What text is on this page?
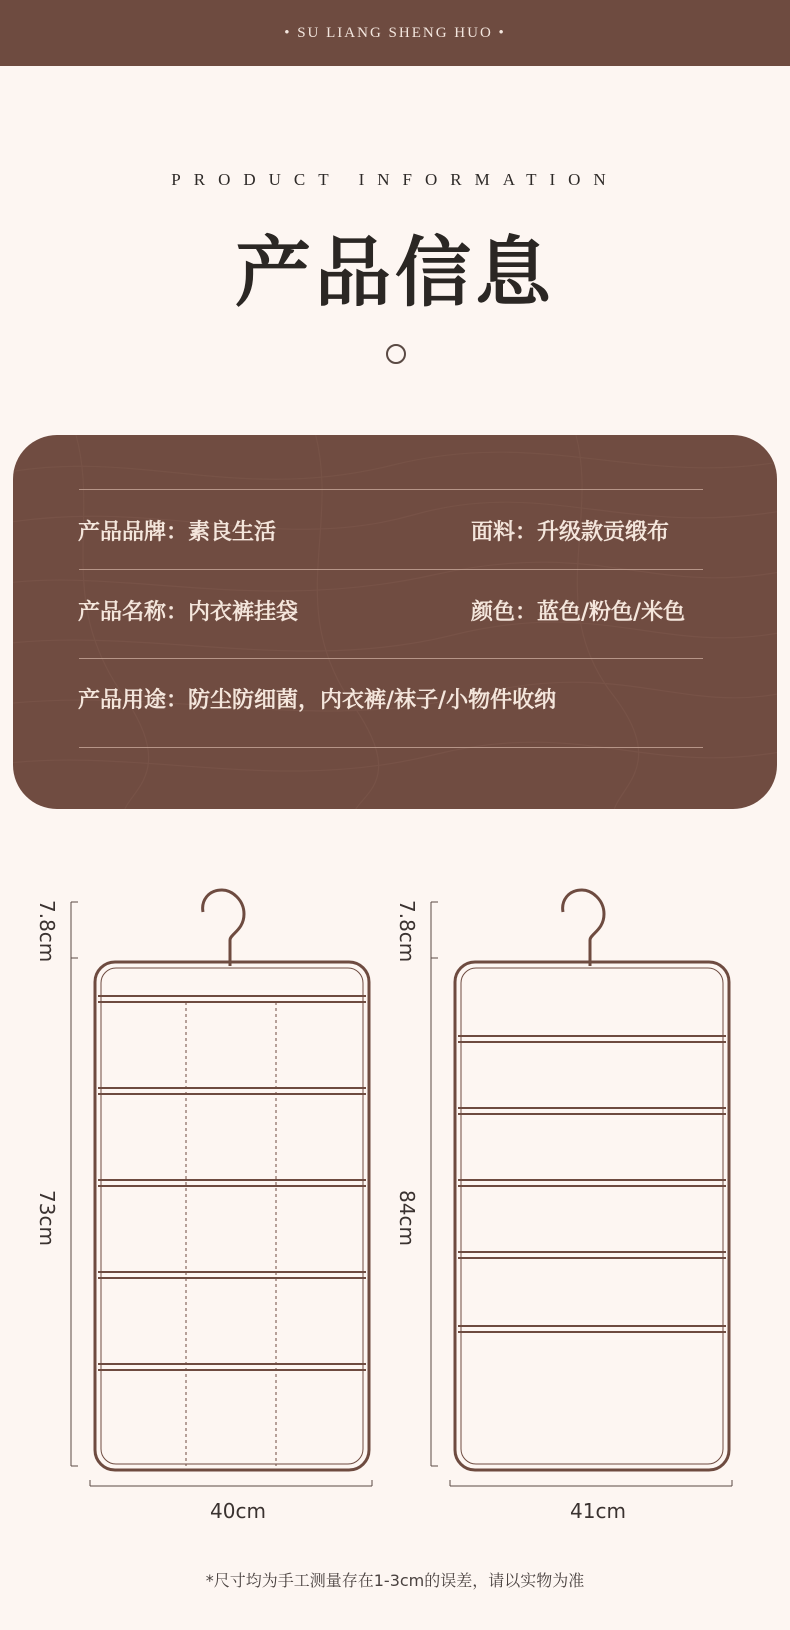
• SU LIANG SHENG HUO •
PRODUCT INFORMATION
产品信息
产品品牌：素良生活	面料：升级款贡缎布
产品名称：内衣裤挂袋	颜色：蓝色/粉色/米色
产品用途：防尘防细菌，内衣裤/袜子/小物件收纳
7.8cm
73cm
40cm
7.8cm
84cm
41cm
*尺寸均为手工测量存在1-3cm的误差，请以实物为准
